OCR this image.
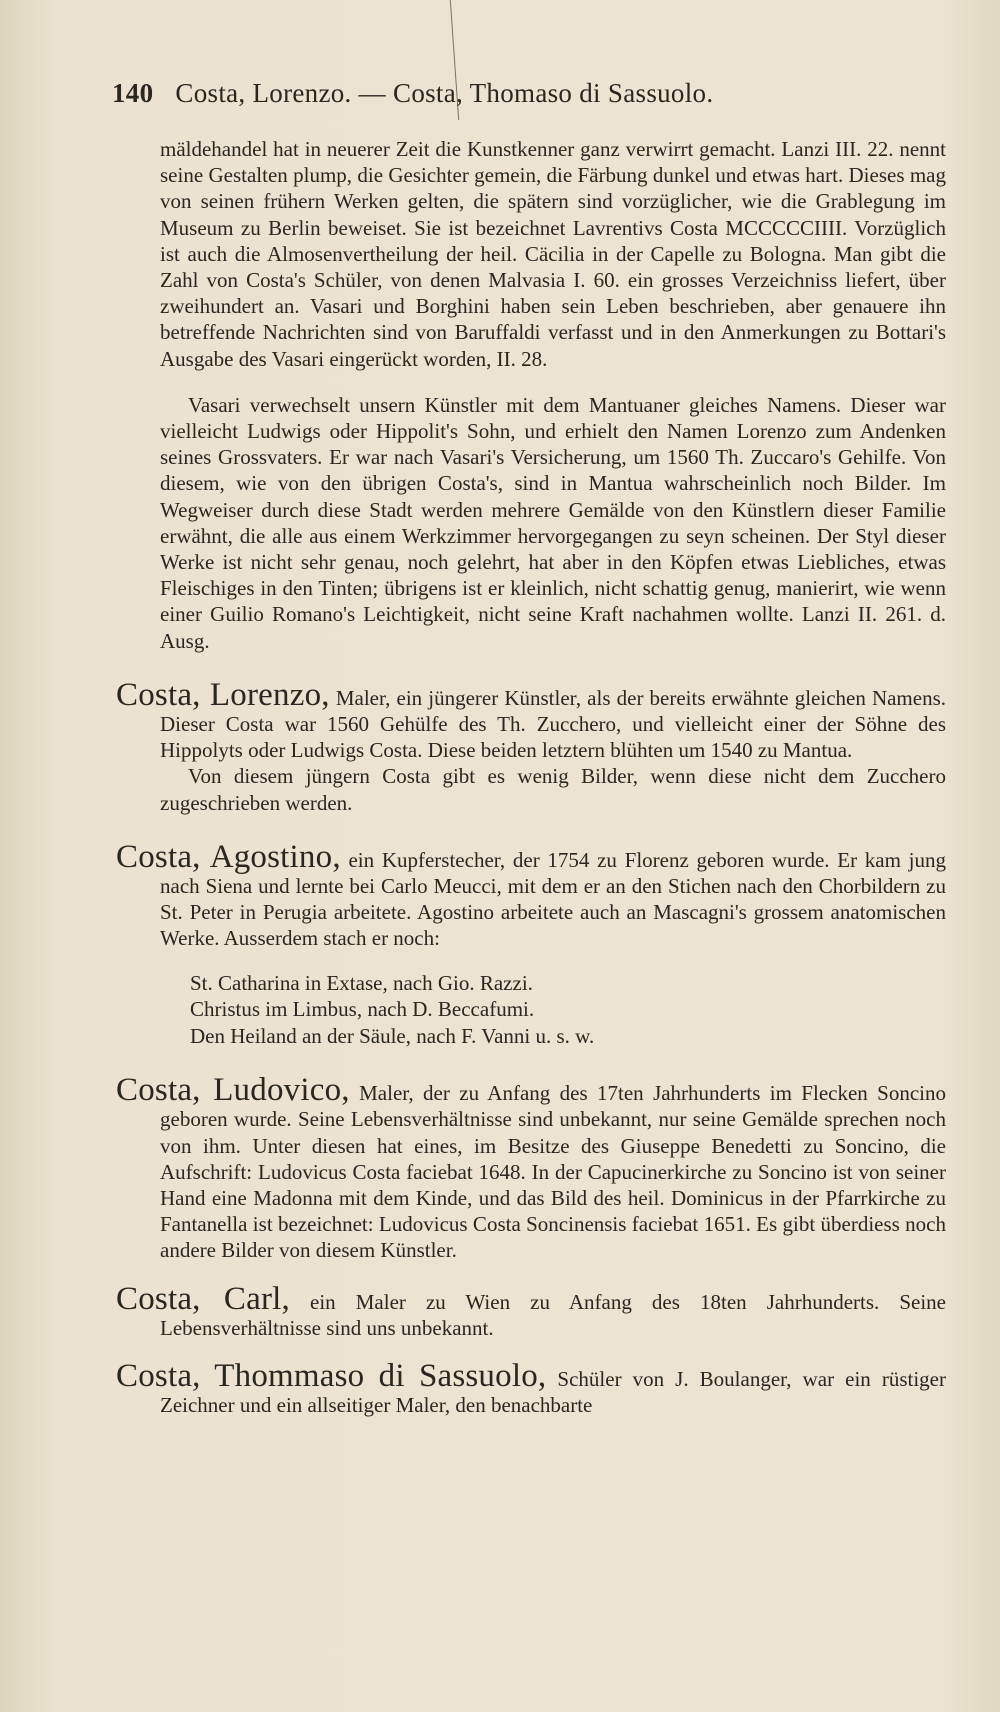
140 Costa, Lorenzo. — Costa, Thomaso di Sassuolo.

mäldehandel hat in neuerer Zeit die Kunstkenner ganz verwirrt gemacht. Lanzi III. 22. nennt seine Gestalten plump, die Gesichter gemein, die Färbung dunkel und etwas hart. Dieses mag von seinen frühern Werken gelten, die spätern sind vorzüglicher, wie die Grablegung im Museum zu Berlin beweiset. Sie ist bezeichnet Lavrentivs Costa MCCCCCIIII. Vorzüglich ist auch die Almosenvertheilung der heil. Cäcilia in der Capelle zu Bologna. Man gibt die Zahl von Costa's Schüler, von denen Malvasia I. 60. ein grosses Verzeichniss liefert, über zweihundert an. Vasari und Borghini haben sein Leben beschrieben, aber genauere ihn betreffende Nachrichten sind von Baruffaldi verfasst und in den Anmerkungen zu Bottari's Ausgabe des Vasari eingerückt worden, II. 28.

Vasari verwechselt unsern Künstler mit dem Mantuaner gleiches Namens. Dieser war vielleicht Ludwigs oder Hippolit's Sohn, und erhielt den Namen Lorenzo zum Andenken seines Grossvaters. Er war nach Vasari's Versicherung, um 1560 Th. Zuccaro's Gehilfe. Von diesem, wie von den übrigen Costa's, sind in Mantua wahrscheinlich noch Bilder. Im Wegweiser durch diese Stadt werden mehrere Gemälde von den Künstlern dieser Familie erwähnt, die alle aus einem Werkzimmer hervorgegangen zu seyn scheinen. Der Styl dieser Werke ist nicht sehr genau, noch gelehrt, hat aber in den Köpfen etwas Liebliches, etwas Fleischiges in den Tinten; übrigens ist er kleinlich, nicht schattig genug, manierirt, wie wenn einer Guilio Romano's Leichtigkeit, nicht seine Kraft nachahmen wollte. Lanzi II. 261. d. Ausg.

Costa, Lorenzo, Maler, ein jüngerer Künstler, als der bereits erwähnte gleichen Namens. Dieser Costa war 1560 Gehülfe des Th. Zucchero, und vielleicht einer der Söhne des Hippolyts oder Ludwigs Costa. Diese beiden letztern blühten um 1540 zu Mantua.
Von diesem jüngern Costa gibt es wenig Bilder, wenn diese nicht dem Zucchero zugeschrieben werden.
Costa, Agostino, ein Kupferstecher, der 1754 zu Florenz geboren wurde. Er kam jung nach Siena und lernte bei Carlo Meucci, mit dem er an den Stichen nach den Chorbildern zu St. Peter in Perugia arbeitete. Agostino arbeitete auch an Mascagni's grossem anatomischen Werke. Ausserdem stach er noch:
St. Catharina in Extase, nach Gio. Razzi.
Christus im Limbus, nach D. Beccafumi.
Den Heiland an der Säule, nach F. Vanni u. s. w.
Costa, Ludovico, Maler, der zu Anfang des 17ten Jahrhunderts im Flecken Soncino geboren wurde. Seine Lebensverhältnisse sind unbekannt, nur seine Gemälde sprechen noch von ihm. Unter diesen hat eines, im Besitze des Giuseppe Benedetti zu Soncino, die Aufschrift: Ludovicus Costa faciebat 1648. In der Capucinerkirche zu Soncino ist von seiner Hand eine Madonna mit dem Kinde, und das Bild des heil. Dominicus in der Pfarrkirche zu Fantanella ist bezeichnet: Ludovicus Costa Soncinensis faciebat 1651. Es gibt überdiess noch andere Bilder von diesem Künstler.
Costa, Carl, ein Maler zu Wien zu Anfang des 18ten Jahrhunderts. Seine Lebensverhältnisse sind uns unbekannt.
Costa, Thommaso di Sassuolo, Schüler von J. Boulanger, war ein rüstiger Zeichner und ein allseitiger Maler, den benachbarte
